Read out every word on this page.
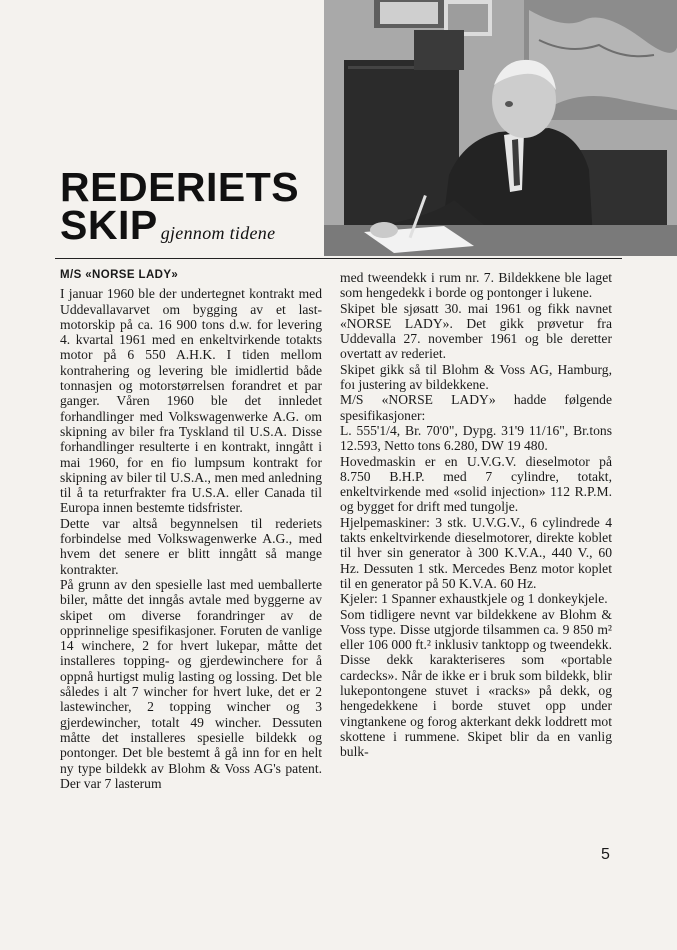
REDERIETS

SKIP gjennom tidene

M/S «NORSE LADY»

I januar 1960 ble der undertegnet kontrakt med Uddevallavarvet om bygging av et last-motorskip på ca. 16 900 tons d.w. for levering 4. kvartal 1961 med en enkeltvirkende totakts motor på 6 550 A.H.K. I tiden mellom kontrahering og levering ble imidlertid både tonnasjen og motorstørrelsen forandret et par ganger. Våren 1960 ble det innledet forhandlinger med Volkswagenwerke A.G. om skipning av biler fra Tyskland til U.S.A. Disse forhandlinger resulterte i en kontrakt, inngått i mai 1960, for en fio lumpsum kontrakt for skipning av biler til U.S.A., men med anledning til å ta returfrakter fra U.S.A. eller Canada til Europa innen bestemte tidsfrister.

Dette var altså begynnelsen til rederiets forbindelse med Volkswagenwerke A.G., med hvem det senere er blitt inngått så mange kontrakter.

På grunn av den spesielle last med uemballerte biler, måtte det inngås avtale med byggerne av skipet om diverse forandringer av de opprinnelige spesifikasjoner. Foruten de vanlige 14 winchere, 2 for hvert lukepar, måtte det installeres topping- og gjerdewinchere for å oppnå hurtigst mulig lasting og lossing. Det ble således i alt 7 wincher for hvert luke, det er 2 lastewincher, 2 topping wincher og 3 gjerdewincher, totalt 49 wincher. Dessuten måtte det installeres spesielle bildekk og pontonger. Det ble bestemt å gå inn for en helt ny type bildekk av Blohm & Voss AG's patent. Der var 7 lasterum

med tweendekk i rum nr. 7. Bildekkene ble laget som hengedekk i borde og pontonger i lukene.

Skipet ble sjøsatt 30. mai 1961 og fikk navnet «NORSE LADY». Det gikk prøvetur fra Uddevalla 27. november 1961 og ble deretter overtatt av rederiet.

Skipet gikk så til Blohm & Voss AG, Hamburg, foı justering av bildekkene.

M/S «NORSE LADY» hadde følgende spesifikasjoner:

L. 555'1/4, Br. 70'0", Dypg. 31'9 11/16", Br.tons 12.593, Netto tons 6.280, DW 19 480.

Hovedmaskin er en U.V.G.V. dieselmotor på 8.750 B.H.P. med 7 cylindre, totakt, enkeltvirkende med «solid injection» 112 R.P.M. og bygget for drift med tungolje.

Hjelpemaskiner: 3 stk. U.V.G.V., 6 cylindrede 4 takts enkeltvirkende dieselmotorer, direkte koblet til hver sin generator à 300 K.V.A., 440 V., 60 Hz. Dessuten 1 stk. Mercedes Benz motor koplet til en generator på 50 K.V.A. 60 Hz.

Kjeler: 1 Spanner exhaustkjele og 1 donkeykjele.

Som tidligere nevnt var bildekkene av Blohm & Voss type. Disse utgjorde tilsammen ca. 9 850 m² eller 106 000 ft.² inklusiv tanktopp og tweendekk. Disse dekk karakteriseres som «portable cardecks». Når de ikke er i bruk som bildekk, blir lukepontongene stuvet i «racks» på dekk, og hengedekkene i borde stuvet opp under vingtankene og forog akterkant dekk loddrett mot skottene i rummene. Skipet blir da en vanlig bulk-

5
